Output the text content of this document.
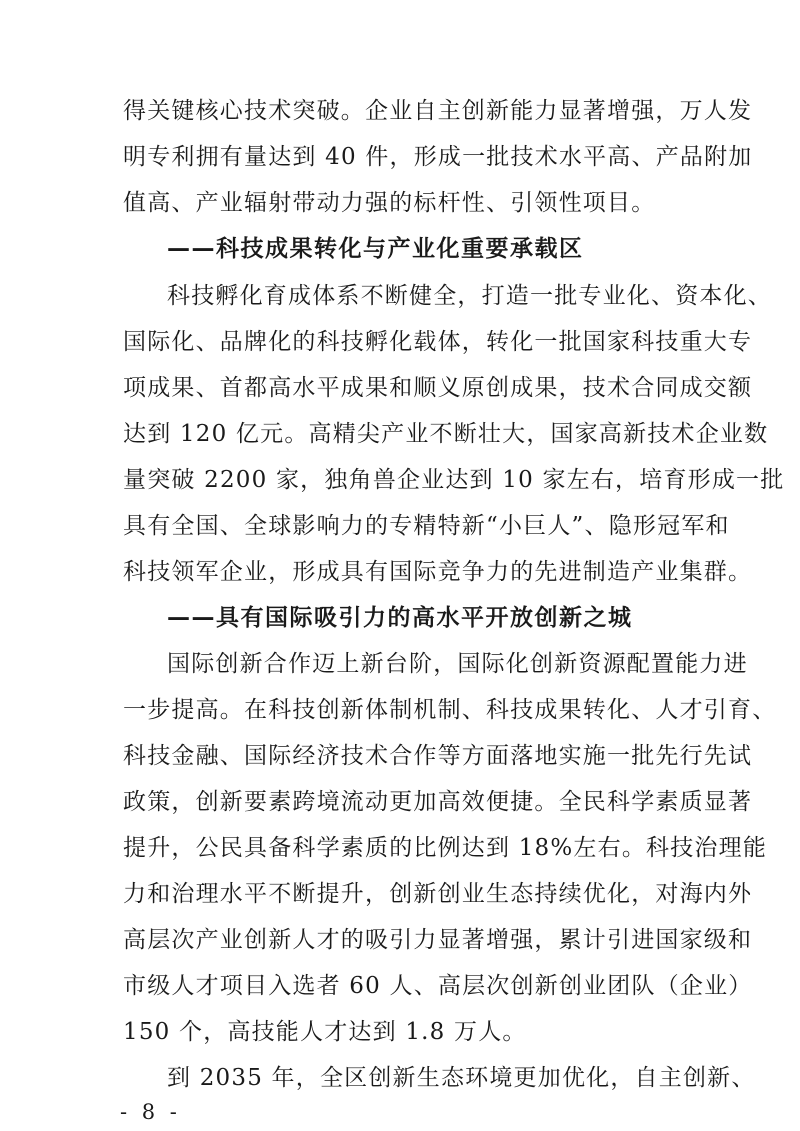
得关键核心技术突破。企业自主创新能力显著增强，万人发
明专利拥有量达到 40 件，形成一批技术水平高、产品附加
值高、产业辐射带动力强的标杆性、引领性项目。
——科技成果转化与产业化重要承载区
科技孵化育成体系不断健全，打造一批专业化、资本化、
国际化、品牌化的科技孵化载体，转化一批国家科技重大专
项成果、首都高水平成果和顺义原创成果，技术合同成交额
达到 120 亿元。高精尖产业不断壮大，国家高新技术企业数
量突破 2200 家，独角兽企业达到 10 家左右，培育形成一批
具有全国、全球影响力的专精特新“小巨人”、隐形冠军和
科技领军企业，形成具有国际竞争力的先进制造产业集群。
——具有国际吸引力的高水平开放创新之城
国际创新合作迈上新台阶，国际化创新资源配置能力进
一步提高。在科技创新体制机制、科技成果转化、人才引育、
科技金融、国际经济技术合作等方面落地实施一批先行先试
政策，创新要素跨境流动更加高效便捷。全民科学素质显著
提升，公民具备科学素质的比例达到 18%左右。科技治理能
力和治理水平不断提升，创新创业生态持续优化，对海内外
高层次产业创新人才的吸引力显著增强，累计引进国家级和
市级人才项目入选者 60 人、高层次创新创业团队（企业）
150 个，高技能人才达到 1.8 万人。
到 2035 年，全区创新生态环境更加优化，自主创新、
- 8 -
